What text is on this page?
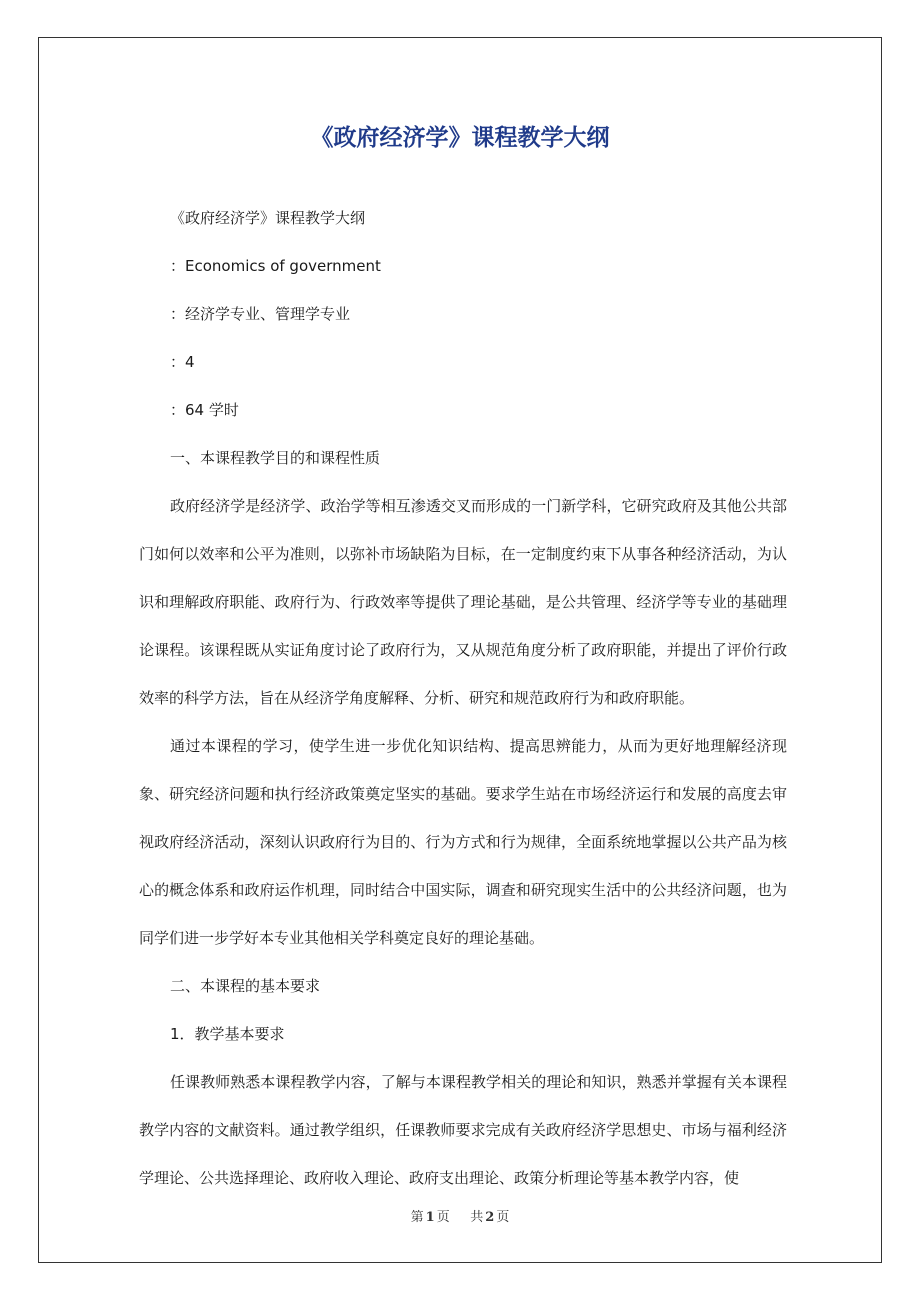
《政府经济学》课程教学大纲

《政府经济学》课程教学大纲

：Economics of government

：经济学专业、管理学专业

：4

：64 学时

一、本课程教学目的和课程性质

政府经济学是经济学、政治学等相互渗透交叉而形成的一门新学科，它研究政府及其他公共部门如何以效率和公平为准则，以弥补市场缺陷为目标，在一定制度约束下从事各种经济活动，为认识和理解政府职能、政府行为、行政效率等提供了理论基础，是公共管理、经济学等专业的基础理论课程。该课程既从实证角度讨论了政府行为，又从规范角度分析了政府职能，并提出了评价行政效率的科学方法，旨在从经济学角度解释、分析、研究和规范政府行为和政府职能。

通过本课程的学习，使学生进一步优化知识结构、提高思辨能力，从而为更好地理解经济现象、研究经济问题和执行经济政策奠定坚实的基础。要求学生站在市场经济运行和发展的高度去审视政府经济活动，深刻认识政府行为目的、行为方式和行为规律，全面系统地掌握以公共产品为核心的概念体系和政府运作机理，同时结合中国实际，调查和研究现实生活中的公共经济问题，也为同学们进一步学好本专业其他相关学科奠定良好的理论基础。

二、本课程的基本要求

1．教学基本要求

任课教师熟悉本课程教学内容，了解与本课程教学相关的理论和知识，熟悉并掌握有关本课程教学内容的文献资料。通过教学组织，任课教师要求完成有关政府经济学思想史、市场与福利经济学理论、公共选择理论、政府收入理论、政府支出理论、政策分析理论等基本教学内容，使

第 1 页 共 2 页
